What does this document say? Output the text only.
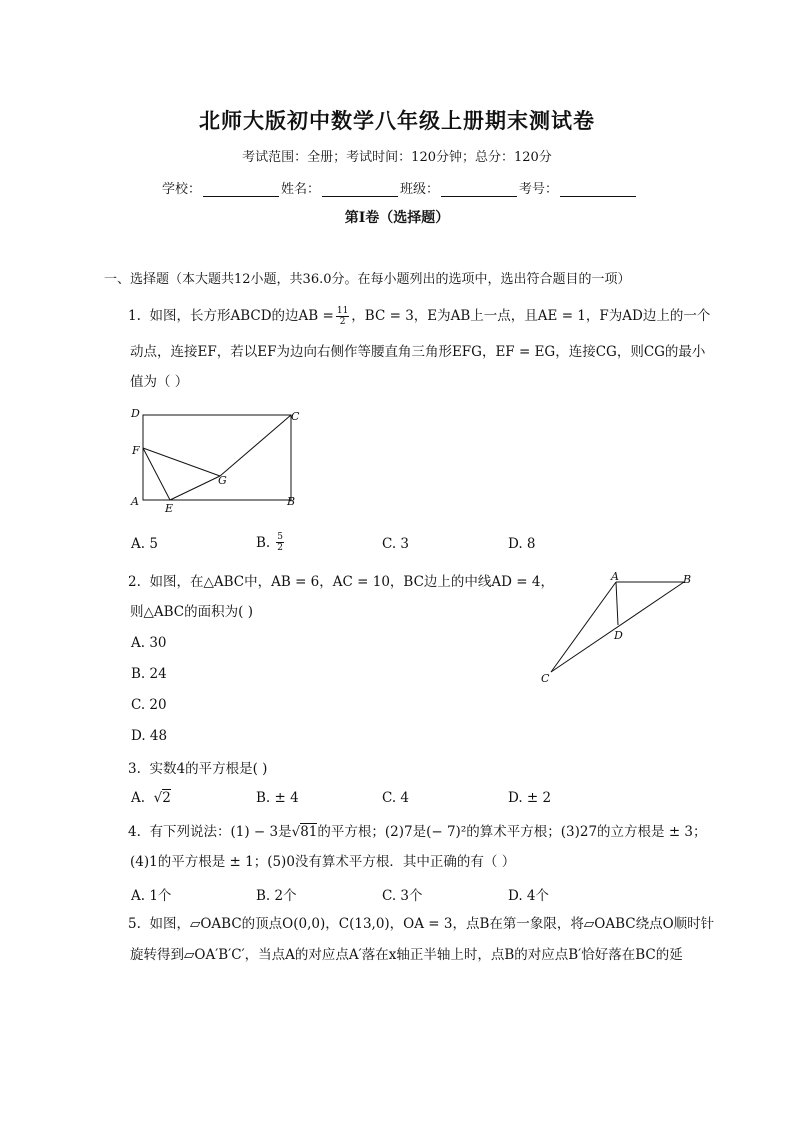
北师大版初中数学八年级上册期末测试卷
考试范围：全册；考试时间：120分钟；总分：120分
学校：	姓名：	班级：	考号：
第Ⅰ卷（选择题）
一、选择题（本大题共12小题，共36.0分。在每小题列出的选项中，选出符合题目的一项）
1. 如图，长方形ABCD的边AB = $\frac{11}{2}$ ，BC = 3，E为AB上一点，且AE = 1，F为AD边上的一个
动点，连接EF，若以EF为边向右侧作等腰直角三角形EFG，EF = EG，连接CG，则CG的最小
值为（ ）
D	C
F
G
A
E
B
A. 5	B. $\frac{5}{2}$	C. 3	D. 8
2. 如图，在△ABC中，AB = 6，AC = 10，BC边上的中线AD = 4，
则△ABC的面积为( )
A. 30
B. 24
C. 20
D. 48
A	B
D
C
3. 实数4的平方根是( )
A.  √2	B. ± 4	C. 4	D. ± 2
4. 有下列说法：(1) − 3是√81的平方根；(2)7是(− 7)²的算术平方根；(3)27的立方根是 ± 3；
(4)1的平方根是 ± 1；(5)0没有算术平方根．其中正确的有（ ）
A. 1个	B. 2个	C. 3个	D. 4个
5. 如图，▱OABC的顶点O(0,0)，C(13,0)，OA = 3，点B在第一象限，将▱OABC绕点O顺时针
旋转得到▱OA′B′C′，当点A的对应点A′落在x轴正半轴上时，点B的对应点B′恰好落在BC的延
